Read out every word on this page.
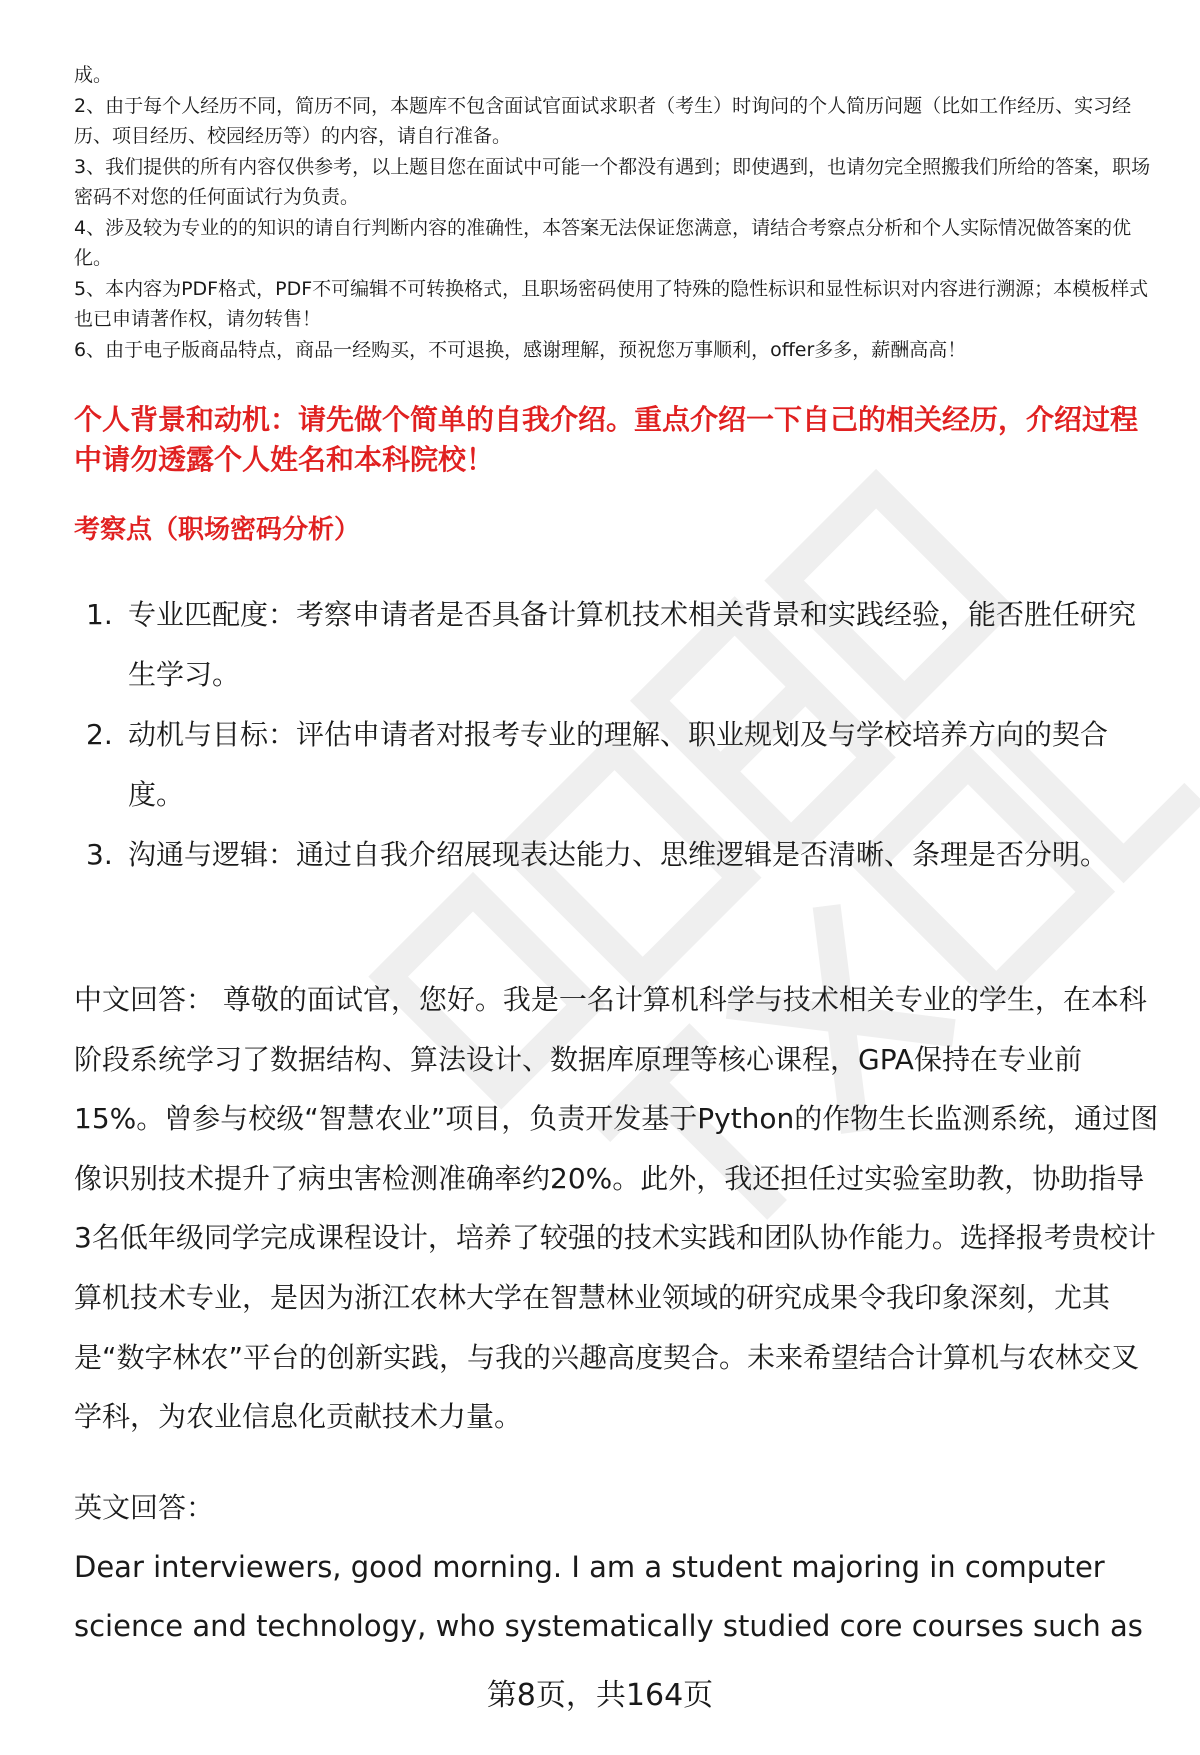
成。

2、由于每个人经历不同，简历不同，本题库不包含面试官面试求职者（考生）时询问的个人简历问题（比如工作经历、实习经历、项目经历、校园经历等）的内容，请自行准备。

3、我们提供的所有内容仅供参考，以上题目您在面试中可能一个都没有遇到；即使遇到，也请勿完全照搬我们所给的答案，职场密码不对您的任何面试行为负责。

4、涉及较为专业的的知识的请自行判断内容的准确性，本答案无法保证您满意，请结合考察点分析和个人实际情况做答案的优化。

5、本内容为PDF格式，PDF不可编辑不可转换格式，且职场密码使用了特殊的隐性标识和显性标识对内容进行溯源；本模板样式也已申请著作权，请勿转售！

6、由于电子版商品特点，商品一经购买，不可退换，感谢理解，预祝您万事顺利，offer多多，薪酬高高！

个人背景和动机：请先做个简单的自我介绍。重点介绍一下自己的相关经历，介绍过程中请勿透露个人姓名和本科院校！
考察点（职场密码分析）
1. 专业匹配度：考察申请者是否具备计算机技术相关背景和实践经验，能否胜任研究生学习。
2. 动机与目标：评估申请者对报考专业的理解、职业规划及与学校培养方向的契合度。
3. 沟通与逻辑：通过自我介绍展现表达能力、思维逻辑是否清晰、条理是否分明。

中文回答： 尊敬的面试官，您好。我是一名计算机科学与技术相关专业的学生，在本科阶段系统学习了数据结构、算法设计、数据库原理等核心课程，GPA保持在专业前15%。曾参与校级“智慧农业”项目，负责开发基于Python的作物生长监测系统，通过图像识别技术提升了病虫害检测准确率约20%。此外，我还担任过实验室助教，协助指导3名低年级同学完成课程设计，培养了较强的技术实践和团队协作能力。选择报考贵校计算机技术专业，是因为浙江农林大学在智慧林业领域的研究成果令我印象深刻，尤其是“数字林农”平台的创新实践，与我的兴趣高度契合。未来希望结合计算机与农林交叉学科，为农业信息化贡献技术力量。

英文回答：

Dear interviewers, good morning. I am a student majoring in computer science and technology, who systematically studied core courses such as

第8页，共164页
